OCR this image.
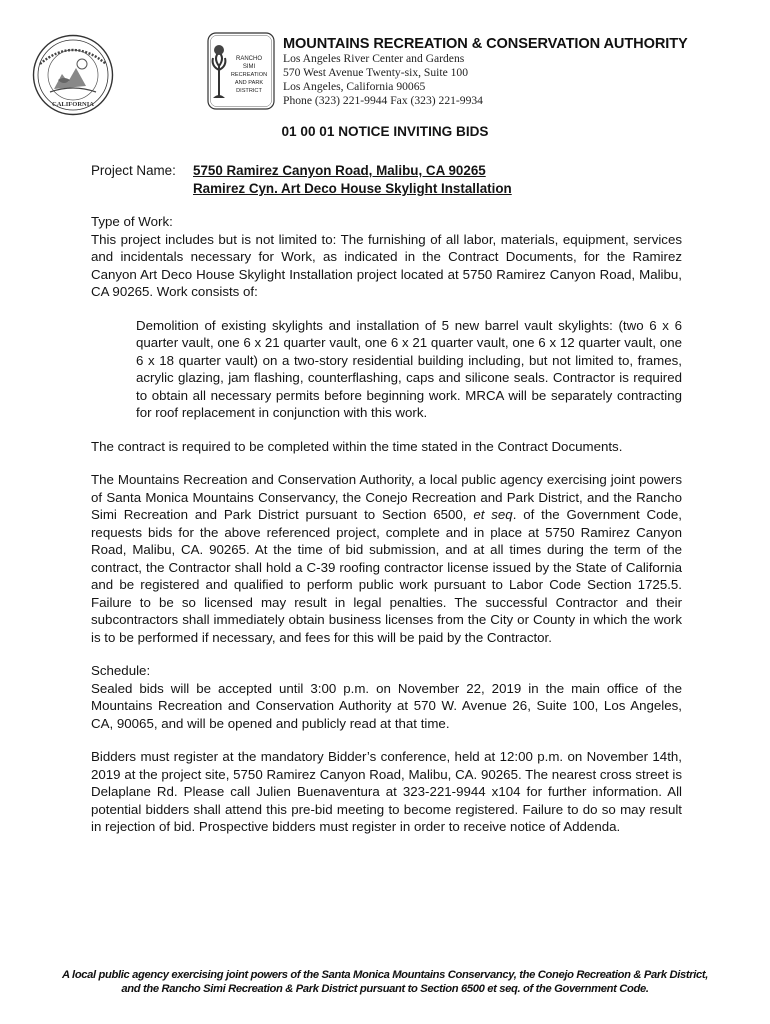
CALIFORNIA
RANCHO
SIMI
RECREATION
AND PARK
DISTRICT
MOUNTAINS RECREATION & CONSERVATION AUTHORITY
Los Angeles River Center and Gardens
570 West Avenue Twenty-six, Suite 100
Los Angeles, California 90065
Phone (323) 221-9944 Fax (323) 221-9934
01 00 01 NOTICE INVITING BIDS
Project Name: 5750 Ramirez Canyon Road, Malibu, CA 90265
Ramirez Cyn. Art Deco House Skylight Installation

Type of Work:
This project includes but is not limited to: The furnishing of all labor, materials, equipment, services and incidentals necessary for Work, as indicated in the Contract Documents, for the Ramirez Canyon Art Deco House Skylight Installation project located at 5750 Ramirez Canyon Road, Malibu, CA 90265. Work consists of:

Demolition of existing skylights and installation of 5 new barrel vault skylights: (two 6 x 6 quarter vault, one 6 x 21 quarter vault, one 6 x 21 quarter vault, one 6 x 12 quarter vault, one 6 x 18 quarter vault) on a two-story residential building including, but not limited to, frames, acrylic glazing, jam flashing, counterflashing, caps and silicone seals. Contractor is required to obtain all necessary permits before beginning work. MRCA will be separately contracting for roof replacement in conjunction with this work.

The contract is required to be completed within the time stated in the Contract Documents.

The Mountains Recreation and Conservation Authority, a local public agency exercising joint powers of Santa Monica Mountains Conservancy, the Conejo Recreation and Park District, and the Rancho Simi Recreation and Park District pursuant to Section 6500, et seq. of the Government Code, requests bids for the above referenced project, complete and in place at 5750 Ramirez Canyon Road, Malibu, CA. 90265. At the time of bid submission, and at all times during the term of the contract, the Contractor shall hold a C-39 roofing contractor license issued by the State of California and be registered and qualified to perform public work pursuant to Labor Code Section 1725.5. Failure to be so licensed may result in legal penalties. The successful Contractor and their subcontractors shall immediately obtain business licenses from the City or County in which the work is to be performed if necessary, and fees for this will be paid by the Contractor.

Schedule:
Sealed bids will be accepted until 3:00 p.m. on November 22, 2019 in the main office of the Mountains Recreation and Conservation Authority at 570 W. Avenue 26, Suite 100, Los Angeles, CA, 90065, and will be opened and publicly read at that time.

Bidders must register at the mandatory Bidder’s conference, held at 12:00 p.m. on November 14th, 2019 at the project site, 5750 Ramirez Canyon Road, Malibu, CA. 90265. The nearest cross street is Delaplane Rd. Please call Julien Buenaventura at 323-221-9944 x104 for further information. All potential bidders shall attend this pre-bid meeting to become registered. Failure to do so may result in rejection of bid. Prospective bidders must register in order to receive notice of Addenda.

A local public agency exercising joint powers of the Santa Monica Mountains Conservancy, the Conejo Recreation & Park District,
and the Rancho Simi Recreation & Park District pursuant to Section 6500 et seq. of the Government Code.
